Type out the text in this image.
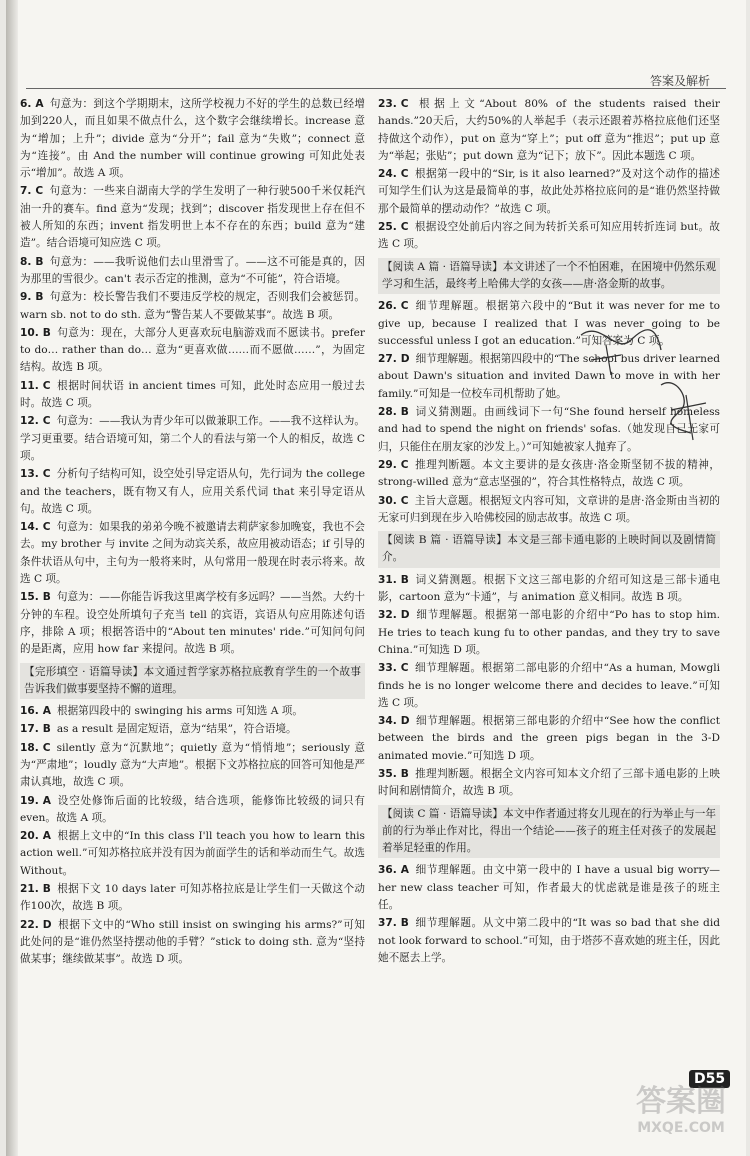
答案及解析
6. A 句意为：到这个学期期末，这所学校视力不好的学生的总数已经增加到220人，而且如果不做点什么，这个数字会继续增长。increase 意为“增加；上升”；divide 意为“分开”；fail 意为“失败”；connect 意为“连接”。由 And the number will continue growing 可知此处表示“增加”。故选 A 项。
7. C 句意为：一些来自湖南大学的学生发明了一种行驶500千米仅耗汽油一升的赛车。find 意为“发现；找到”；discover 指发现世上存在但不被人所知的东西；invent 指发明世上本不存在的东西；build 意为“建造”。结合语境可知应选 C 项。
8. B 句意为：——我听说他们去山里滑雪了。——这不可能是真的，因为那里的雪很少。can't 表示否定的推测，意为“不可能”，符合语境。
9. B 句意为：校长警告我们不要违反学校的规定，否则我们会被惩罚。warn sb. not to do sth. 意为“警告某人不要做某事”。故选 B 项。
10. B 句意为：现在，大部分人更喜欢玩电脑游戏而不愿读书。prefer to do… rather than do… 意为“更喜欢做……而不愿做……”，为固定结构。故选 B 项。
11. C 根据时间状语 in ancient times 可知，此处时态应用一般过去时。故选 C 项。
12. C 句意为：——我认为青少年可以做兼职工作。——我不这样认为。学习更重要。结合语境可知，第二个人的看法与第一个人的相反，故选 C 项。
13. C 分析句子结构可知，设空处引导定语从句，先行词为 the college and the teachers，既有物又有人，应用关系代词 that 来引导定语从句。故选 C 项。
14. C 句意为：如果我的弟弟今晚不被邀请去莉萨家参加晚宴，我也不会去。my brother 与 invite 之间为动宾关系，故应用被动语态；if 引导的条件状语从句中，主句为一般将来时，从句常用一般现在时表示将来。故选 C 项。
15. B 句意为：——你能告诉我这里离学校有多远吗？——当然。大约十分钟的车程。设空处所填句子充当 tell 的宾语，宾语从句应用陈述句语序，排除 A 项；根据答语中的“About ten minutes' ride.”可知问句问的是距离，应用 how far 来提问。故选 B 项。
【完形填空 · 语篇导读】本文通过哲学家苏格拉底教育学生的一个故事告诉我们做事要坚持不懈的道理。
16. A 根据第四段中的 swinging his arms 可知选 A 项。
17. B as a result 是固定短语，意为“结果”，符合语境。
18. C silently 意为“沉默地”；quietly 意为“悄悄地”；seriously 意为“严肃地”；loudly 意为“大声地”。根据下文苏格拉底的回答可知他是严肃认真地，故选 C 项。
19. A 设空处修饰后面的比较级，结合选项，能修饰比较级的词只有 even。故选 A 项。
20. A 根据上文中的“In this class I'll teach you how to learn this action well.”可知苏格拉底并没有因为前面学生的话和举动而生气。故选 Without。
21. B 根据下文 10 days later 可知苏格拉底是让学生们一天做这个动作100次，故选 B 项。
22. D 根据下文中的“Who still insist on swinging his arms?”可知此处问的是“谁仍然坚持摆动他的手臂？”stick to doing sth. 意为“坚持做某事；继续做某事”。故选 D 项。
23. C 根据上文“About 80% of the students raised their hands.”20天后，大约50%的人举起手（表示还跟着苏格拉底他们还坚持做这个动作），put on 意为“穿上”；put off 意为“推迟”；put up 意为“举起；张贴”；put down 意为“记下；放下”。因此本题选 C 项。
24. C 根据第一段中的“Sir, is it also learned?”及对这个动作的描述可知学生们认为这是最简单的事，故此处苏格拉底问的是“谁仍然坚持做那个最简单的摆动动作？”故选 C 项。
25. C 根据设空处前后内容之间为转折关系可知应用转折连词 but。故选 C 项。
【阅读 A 篇 · 语篇导读】本文讲述了一个不怕困难，在困境中仍然乐观学习和生活，最终考上哈佛大学的女孩——唐·洛金斯的故事。
26. C 细节理解题。根据第六段中的“But it was never for me to give up, because I realized that I was never going to be successful unless I got an education.”可知答案为 C 项。
27. D 细节理解题。根据第四段中的“The school bus driver learned about Dawn's situation and invited Dawn to move in with her family.”可知是一位校车司机帮助了她。
28. B 词义猜测题。由画线词下一句“She found herself homeless and had to spend the night on friends' sofas.（她发现自己无家可归，只能住在朋友家的沙发上。）”可知她被家人抛弃了。
29. C 推理判断题。本文主要讲的是女孩唐·洛金斯坚韧不拔的精神，strong-willed 意为“意志坚强的”，符合其性格特点，故选 C 项。
30. C 主旨大意题。根据短文内容可知，文章讲的是唐·洛金斯由当初的无家可归到现在步入哈佛校园的励志故事。故选 C 项。
【阅读 B 篇 · 语篇导读】本文是三部卡通电影的上映时间以及剧情简介。
31. B 词义猜测题。根据下文这三部电影的介绍可知这是三部卡通电影，cartoon 意为“卡通”，与 animation 意义相同。故选 B 项。
32. D 细节理解题。根据第一部电影的介绍中“Po has to stop him. He tries to teach kung fu to other pandas, and they try to save China.”可知选 D 项。
33. C 细节理解题。根据第二部电影的介绍中“As a human, Mowgli finds he is no longer welcome there and decides to leave.”可知选 C 项。
34. D 细节理解题。根据第三部电影的介绍中“See how the conflict between the birds and the green pigs began in the 3-D animated movie.”可知选 D 项。
35. B 推理判断题。根据全文内容可知本文介绍了三部卡通电影的上映时间和剧情简介，故选 B 项。
【阅读 C 篇 · 语篇导读】本文中作者通过将女儿现在的行为举止与一年前的行为举止作对比，得出一个结论——孩子的班主任对孩子的发展起着举足轻重的作用。
36. A 细节理解题。由文中第一段中的 I have a usual big worry—her new class teacher 可知，作者最大的忧虑就是谁是孩子的班主任。
37. B 细节理解题。从文中第二段中的“It was so bad that she did not look forward to school.”可知，由于塔莎不喜欢她的班主任，因此她不愿去上学。
D55
答案圈
MXQE.COM
